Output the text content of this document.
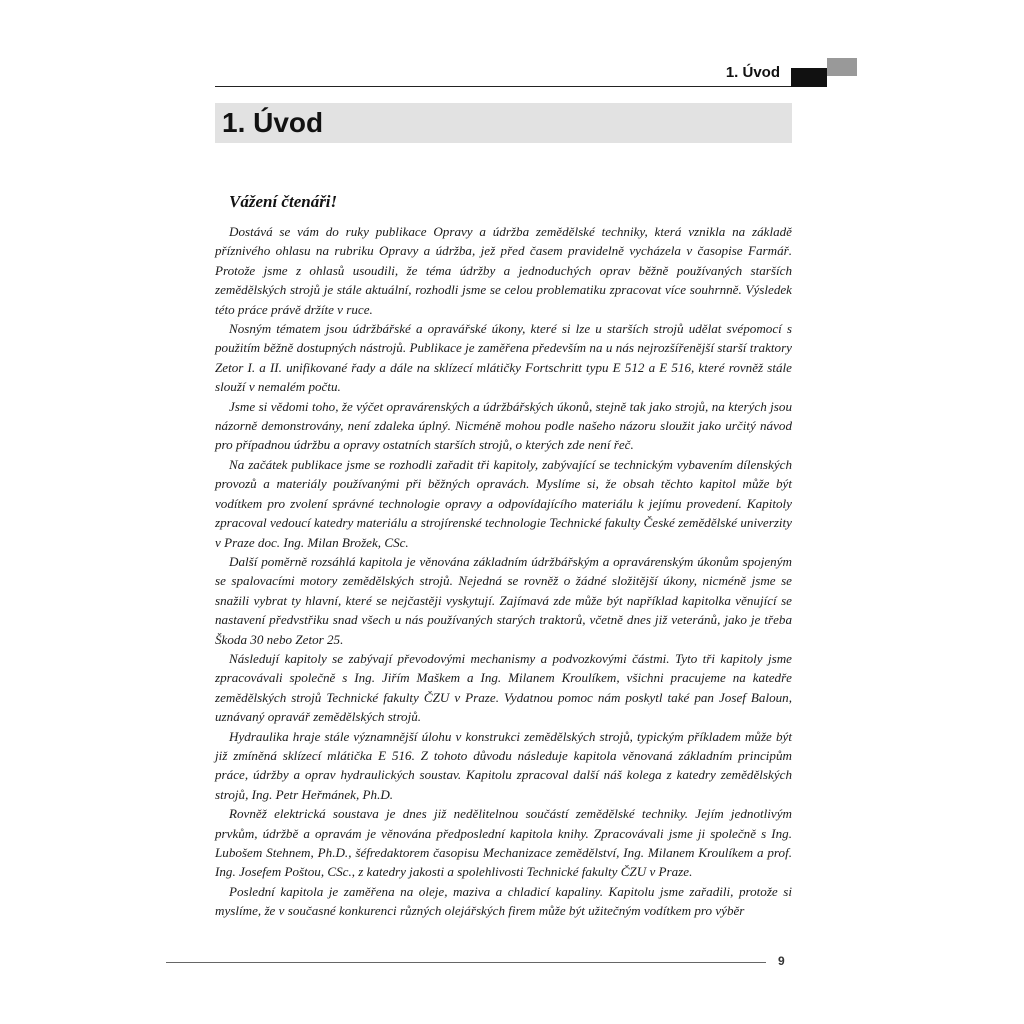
1. Úvod
1. Úvod
Vážení čtenáři!

Dostává se vám do ruky publikace Opravy a údržba zemědělské techniky, která vznikla na základě příznivého ohlasu na rubriku Opravy a údržba, jež před časem pravidelně vycházela v časopise Farmář. Protože jsme z ohlasů usoudili, že téma údržby a jednoduchých oprav běžně používaných starších zemědělských strojů je stále aktuální, rozhodli jsme se celou problematiku zpracovat více souhrnně. Výsledek této práce právě držíte v ruce.

Nosným tématem jsou údržbářské a opravářské úkony, které si lze u starších strojů udělat svépomocí s použitím běžně dostupných nástrojů. Publikace je zaměřena především na u nás nejrozšířenější starší traktory Zetor I. a II. unifikované řady a dále na sklízecí mlátičky Fortschritt typu E 512 a E 516, které rovněž stále slouží v nemalém počtu.

Jsme si vědomi toho, že výčet opravárenských a údržbářských úkonů, stejně tak jako strojů, na kterých jsou názorně demonstrovány, není zdaleka úplný. Nicméně mohou podle našeho názoru sloužit jako určitý návod pro případnou údržbu a opravy ostatních starších strojů, o kterých zde není řeč.

Na začátek publikace jsme se rozhodli zařadit tři kapitoly, zabývající se technickým vybavením dílenských provozů a materiály používanými při běžných opravách. Myslíme si, že obsah těchto kapitol může být vodítkem pro zvolení správné technologie opravy a odpovídajícího materiálu k jejímu provedení. Kapitoly zpracoval vedoucí katedry materiálu a strojírenské technologie Technické fakulty České zemědělské univerzity v Praze doc. Ing. Milan Brožek, CSc.

Další poměrně rozsáhlá kapitola je věnována základním údržbářským a opravárenským úkonům spojeným se spalovacími motory zemědělských strojů. Nejedná se rovněž o žádné složitější úkony, nicméně jsme se snažili vybrat ty hlavní, které se nejčastěji vyskytují. Zajímavá zde může být například kapitolka věnující se nastavení předvstřiku snad všech u nás používaných starých traktorů, včetně dnes již veteránů, jako je třeba Škoda 30 nebo Zetor 25.

Následují kapitoly se zabývají převodovými mechanismy a podvozkovými částmi. Tyto tři kapitoly jsme zpracovávali společně s Ing. Jiřím Maškem a Ing. Milanem Kroulíkem, všichni pracujeme na katedře zemědělských strojů Technické fakulty ČZU v Praze. Vydatnou pomoc nám poskytl také pan Josef Baloun, uznávaný opravář zemědělských strojů.

Hydraulika hraje stále významnější úlohu v konstrukci zemědělských strojů, typickým příkladem může být již zmíněná sklízecí mlátička E 516. Z tohoto důvodu následuje kapitola věnovaná základním principům práce, údržby a oprav hydraulických soustav. Kapitolu zpracoval další náš kolega z katedry zemědělských strojů, Ing. Petr Heřmánek, Ph.D.

Rovněž elektrická soustava je dnes již nedělitelnou součástí zemědělské techniky. Jejím jednotlivým prvkům, údržbě a opravám je věnována předposlední kapitola knihy. Zpracovávali jsme ji společně s Ing. Lubošem Stehnem, Ph.D., šéfredaktorem časopisu Mechanizace zemědělství, Ing. Milanem Kroulíkem a prof. Ing. Josefem Poštou, CSc., z katedry jakosti a spolehlivosti Technické fakulty ČZU v Praze.

Poslední kapitola je zaměřena na oleje, maziva a chladicí kapaliny. Kapitolu jsme zařadili, protože si myslíme, že v současné konkurenci různých olejářských firem může být užitečným vodítkem pro výběr

9
